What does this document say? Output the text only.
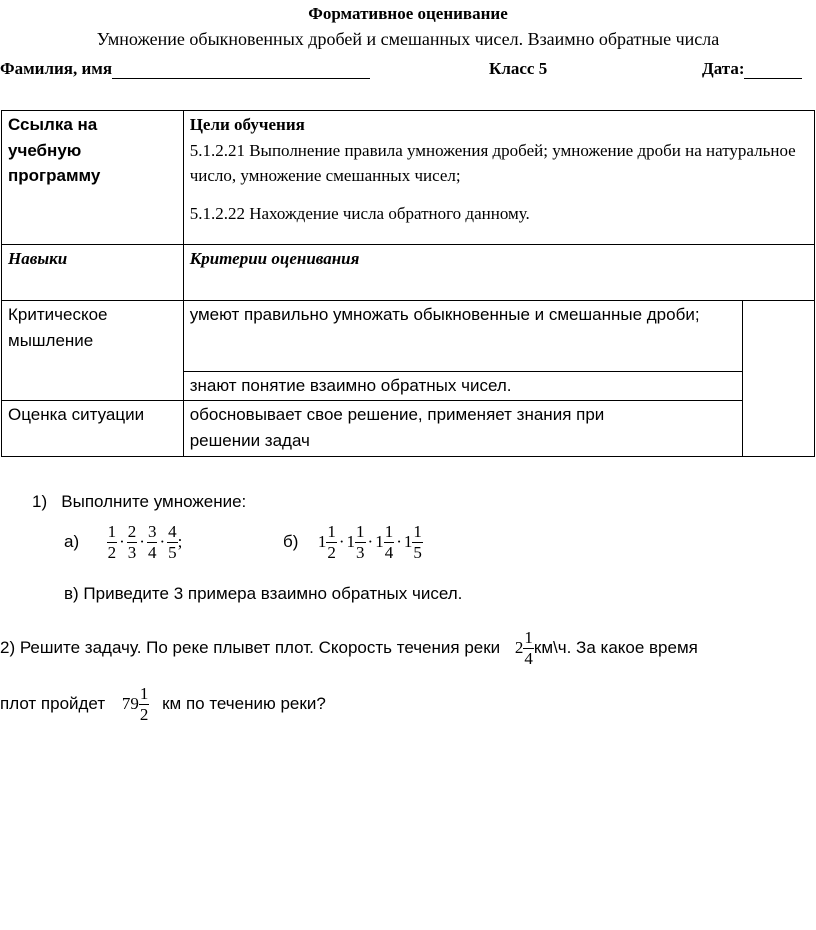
Формативное оценивание
Умножение обыкновенных дробей и смешанных чисел. Взаимно обратные числа
Фамилия, имя	Класс 5	Дата:
Ссылка на учебную программу	Цели обучения
5.1.2.21 Выполнение правила умножения дробей; умножение дроби на натуральное число, умножение смешанных чисел;
5.1.2.22 Нахождение числа обратного данному.	

Навыки	Критерии оценивания	
Критическое мышление	умеют правильно умножать обыкновенные и смешанные дроби;	
	знают понятие взаимно обратных чисел.	
Оценка ситуации	обосновывает свое решение, применяет знания при решении задач	
1) Выполните умножение:
$а) \frac{1}{2} \cdot \frac{2}{3} \cdot \frac{3}{4} \cdot \frac{4}{5}$ ;	б) $1 \frac{1}{2} \cdot 1 \frac{1}{3} \cdot 1 \frac{1}{4} \cdot 1 \frac{1}{5}$
в) Приведите 3 примера взаимно обратных чисел.
2) Решите задачу. По реке плывет плот. Скорость течения реки $2 \frac{1}{4}$ км\ч. За какое время
плот пройдет $79 \frac{1}{2}$ км по течению реки?
